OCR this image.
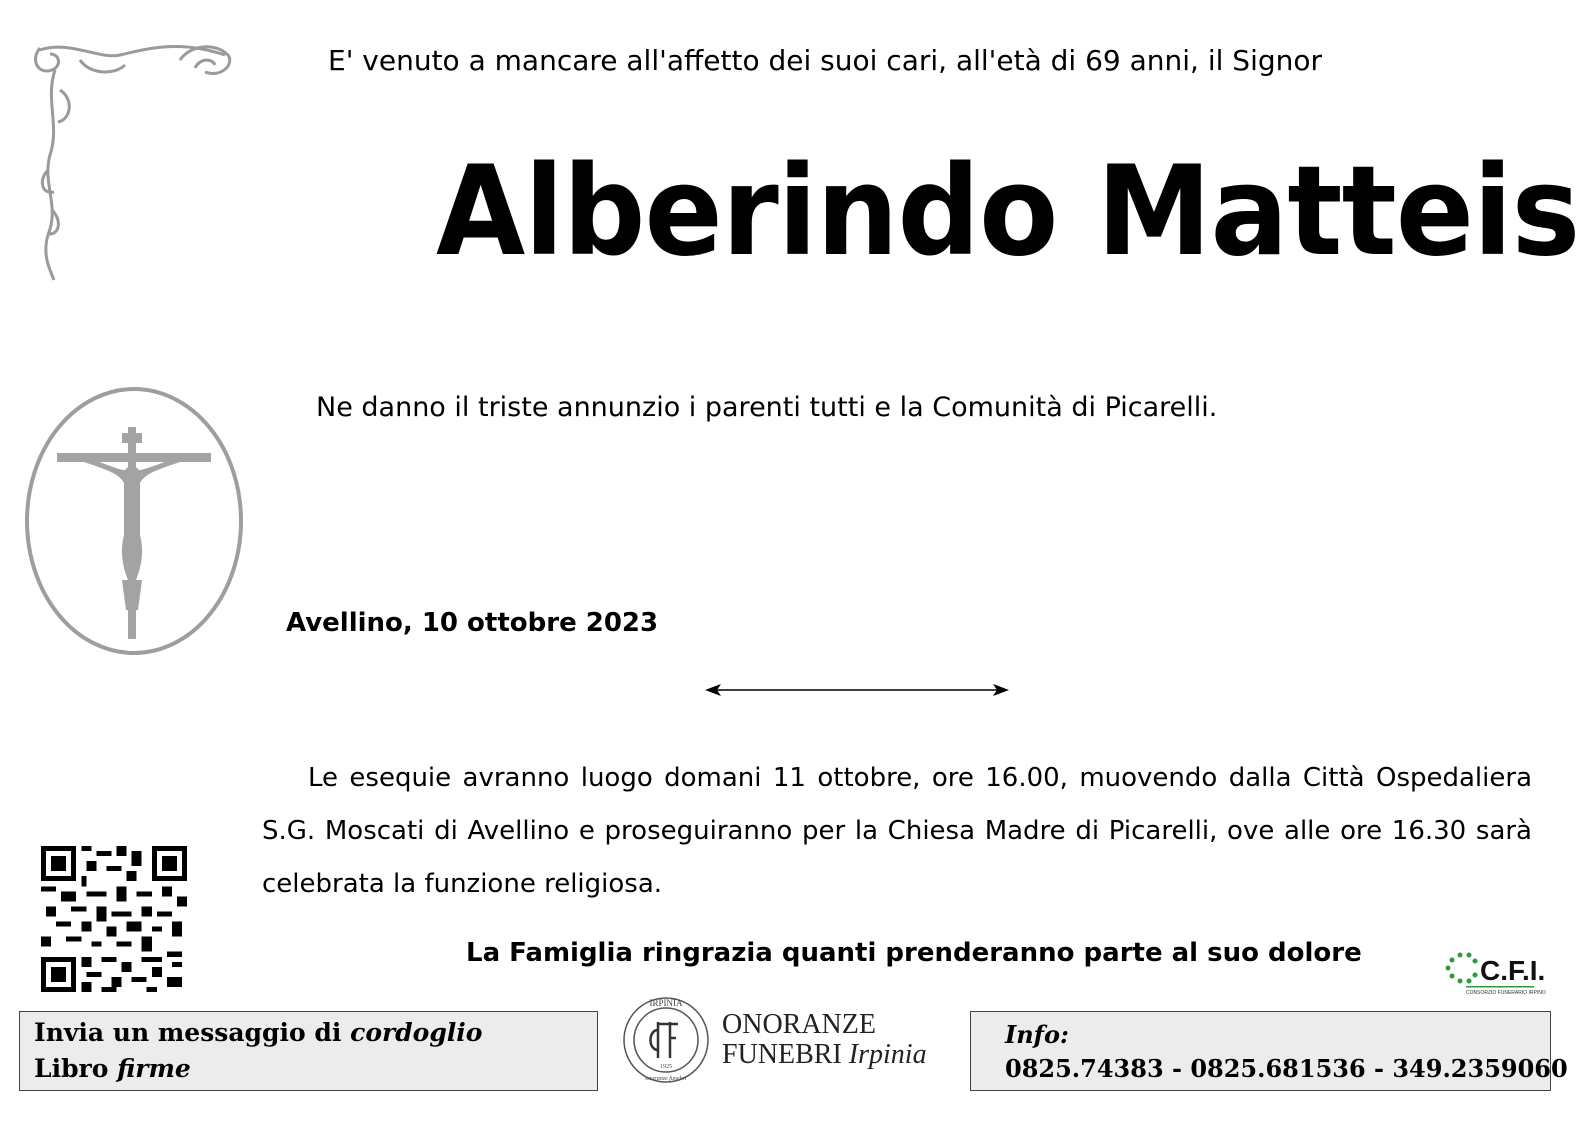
E' venuto a mancare all'affetto dei suoi cari, all'età di 69 anni, il Signor
Alberindo Matteis
Ne danno il triste annunzio i parenti tutti e la Comunità di Picarelli.
Avellino, 10 ottobre 2023
Le esequie avranno luogo domani 11 ottobre, ore 16.00, muovendo dalla Città Ospedaliera S.G. Moscati di Avellino e proseguiranno per la Chiesa Madre di Picarelli, ove alle ore 16.30 sarà celebrata la funzione religiosa.
La Famiglia ringrazia quanti prenderanno parte al suo dolore
C.F.I.
CONSORZIO FUNERARIO IRPINO
Invia un messaggio di cordoglio
Libro firme
IRPINIA
1925
onoranze funebri
ONORANZE
FUNEBRI Irpinia
Info:
0825.74383 - 0825.681536 - 349.2359060
